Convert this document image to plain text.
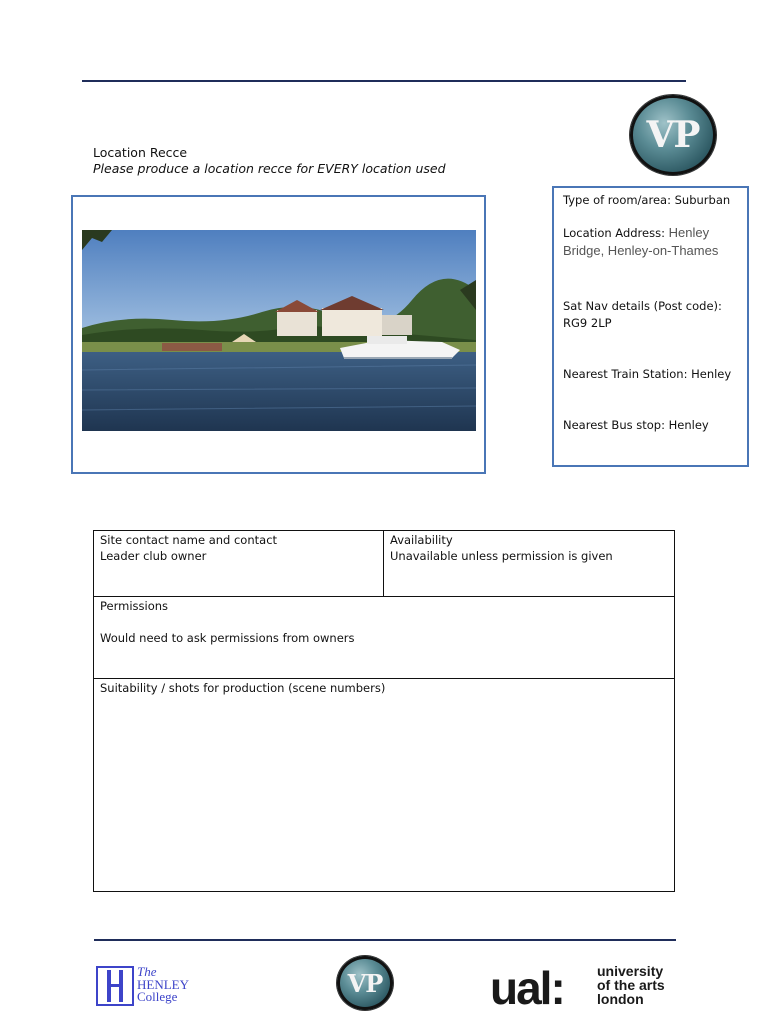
VP
Location Recce
Please produce a location recce for EVERY location used

Type of room/area: Suburban

Location Address: Henley Bridge, Henley-on-Thames

Sat Nav details (Post code):

RG9 2LP

Nearest Train Station: Henley

Nearest Bus stop: Henley

Site contact name and contact
Leader club owner

Availability
Unavailable unless permission is given

Permissions
Would need to ask permissions from owners

Suitability / shots for production (scene numbers)
The
HENLEY
College	VP ual: university
of the arts
london
